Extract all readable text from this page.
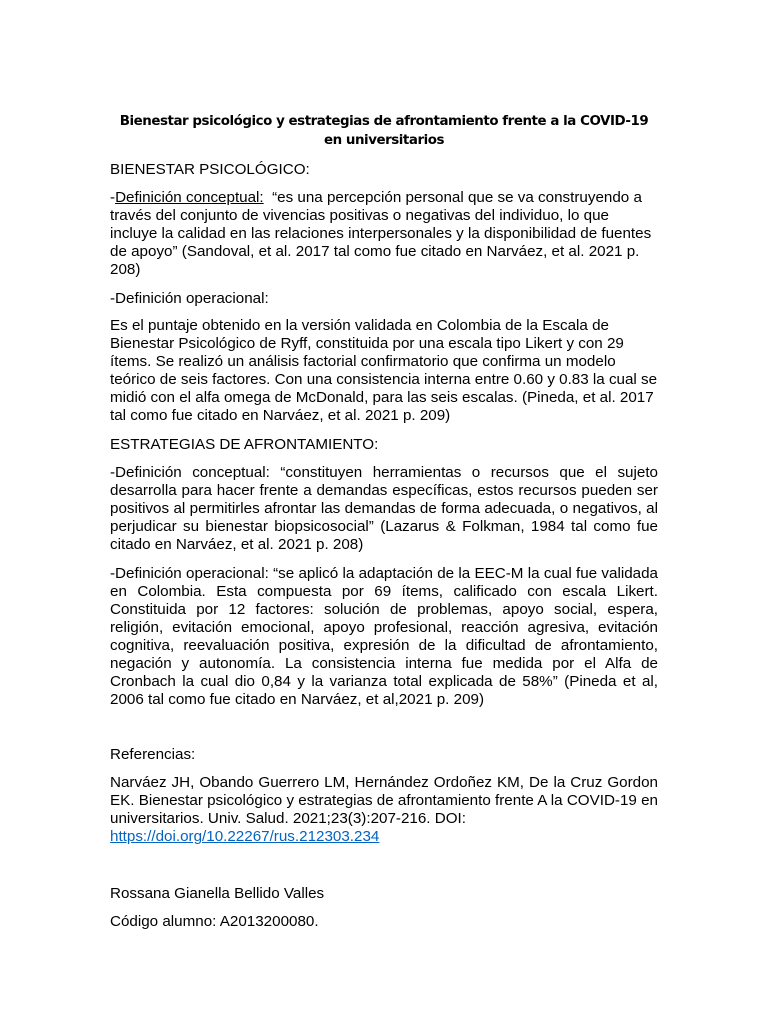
Bienestar psicológico y estrategias de afrontamiento frente a la COVID-19 en universitarios

BIENESTAR PSICOLÓGICO:

-Definición conceptual:  “es una percepción personal que se va construyendo a través del conjunto de vivencias positivas o negativas del individuo, lo que incluye la calidad en las relaciones interpersonales y la disponibilidad de fuentes de apoyo” (Sandoval, et al. 2017 tal como fue citado en Narváez, et al. 2021 p. 208)

-Definición operacional:

Es el puntaje obtenido en la versión validada en Colombia de la Escala de Bienestar Psicológico de Ryff, constituida por una escala tipo Likert y con 29 ítems. Se realizó un análisis factorial confirmatorio que confirma un modelo teórico de seis factores. Con una consistencia interna entre 0.60 y 0.83 la cual se midió con el alfa omega de McDonald, para las seis escalas. (Pineda, et al. 2017 tal como fue citado en Narváez, et al. 2021 p. 209)

ESTRATEGIAS DE AFRONTAMIENTO:

-Definición conceptual: “constituyen herramientas o recursos que el sujeto desarrolla para hacer frente a demandas específicas, estos recursos pueden ser positivos al permitirles afrontar las demandas de forma adecuada, o negativos, al perjudicar su bienestar biopsicosocial” (Lazarus & Folkman, 1984 tal como fue citado en Narváez, et al. 2021 p. 208)

-Definición operacional: “se aplicó la adaptación de la EEC-M la cual fue validada en Colombia. Esta compuesta por 69 ítems, calificado con escala Likert. Constituida por 12 factores: solución de problemas, apoyo social, espera, religión, evitación emocional, apoyo profesional, reacción agresiva, evitación cognitiva, reevaluación positiva, expresión de la dificultad de afrontamiento, negación y autonomía. La consistencia interna fue medida por el Alfa de Cronbach la cual dio 0,84 y la varianza total explicada de 58%” (Pineda et al, 2006 tal como fue citado en Narváez, et al,2021 p. 209)

Referencias:

Narváez JH, Obando Guerrero LM, Hernández Ordoñez KM, De la Cruz Gordon EK. Bienestar psicológico y estrategias de afrontamiento frente A la COVID-19 en universitarios. Univ. Salud. 2021;23(3):207-216. DOI:
https://doi.org/10.22267/rus.212303.234

Rossana Gianella Bellido Valles

Código alumno: A2013200080.
